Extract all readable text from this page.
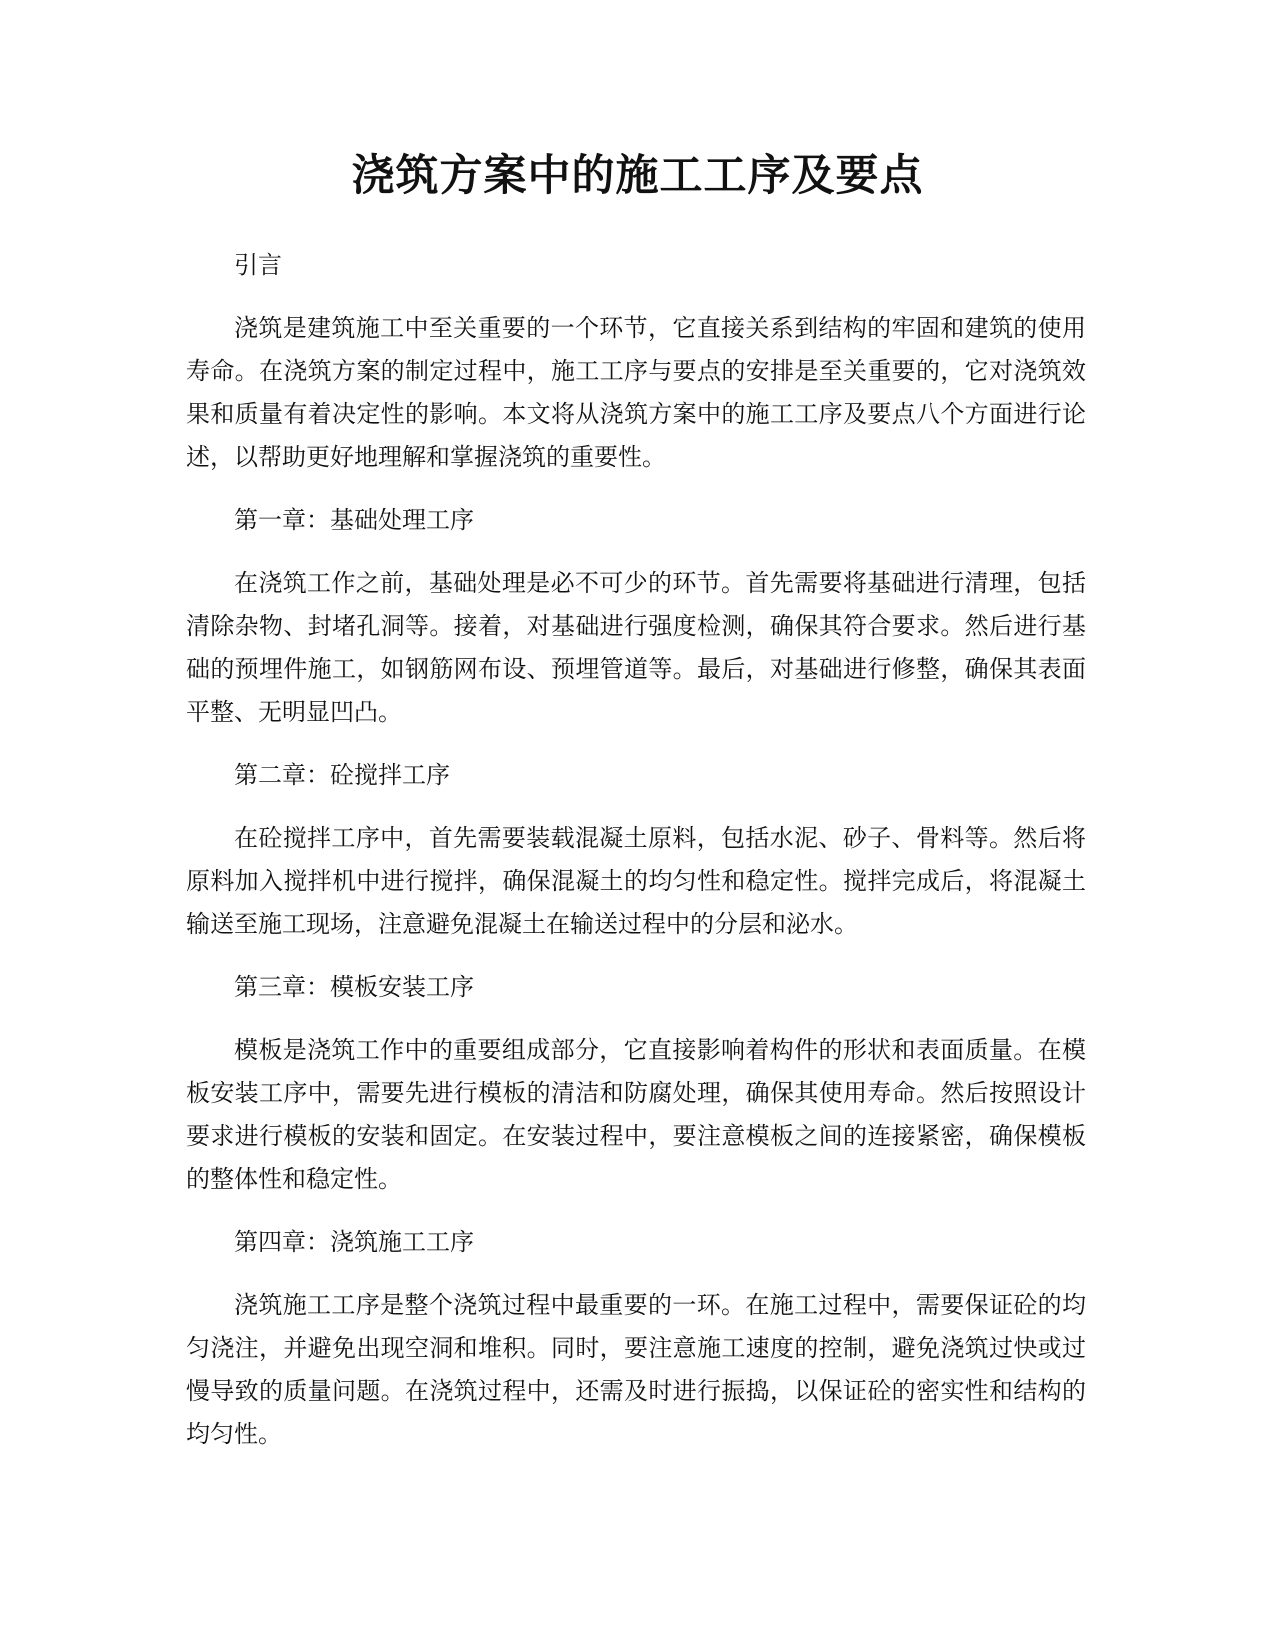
浇筑方案中的施工工序及要点

引言

浇筑是建筑施工中至关重要的一个环节，它直接关系到结构的牢固和建筑的使用寿命。在浇筑方案的制定过程中，施工工序与要点的安排是至关重要的，它对浇筑效果和质量有着决定性的影响。本文将从浇筑方案中的施工工序及要点八个方面进行论述，以帮助更好地理解和掌握浇筑的重要性。

第一章：基础处理工序

在浇筑工作之前，基础处理是必不可少的环节。首先需要将基础进行清理，包括清除杂物、封堵孔洞等。接着，对基础进行强度检测，确保其符合要求。然后进行基础的预埋件施工，如钢筋网布设、预埋管道等。最后，对基础进行修整，确保其表面平整、无明显凹凸。

第二章：砼搅拌工序

在砼搅拌工序中，首先需要装载混凝土原料，包括水泥、砂子、骨料等。然后将原料加入搅拌机中进行搅拌，确保混凝土的均匀性和稳定性。搅拌完成后，将混凝土输送至施工现场，注意避免混凝土在输送过程中的分层和泌水。

第三章：模板安装工序

模板是浇筑工作中的重要组成部分，它直接影响着构件的形状和表面质量。在模板安装工序中，需要先进行模板的清洁和防腐处理，确保其使用寿命。然后按照设计要求进行模板的安装和固定。在安装过程中，要注意模板之间的连接紧密，确保模板的整体性和稳定性。

第四章：浇筑施工工序

浇筑施工工序是整个浇筑过程中最重要的一环。在施工过程中，需要保证砼的均匀浇注，并避免出现空洞和堆积。同时，要注意施工速度的控制，避免浇筑过快或过慢导致的质量问题。在浇筑过程中，还需及时进行振捣，以保证砼的密实性和结构的均匀性。
